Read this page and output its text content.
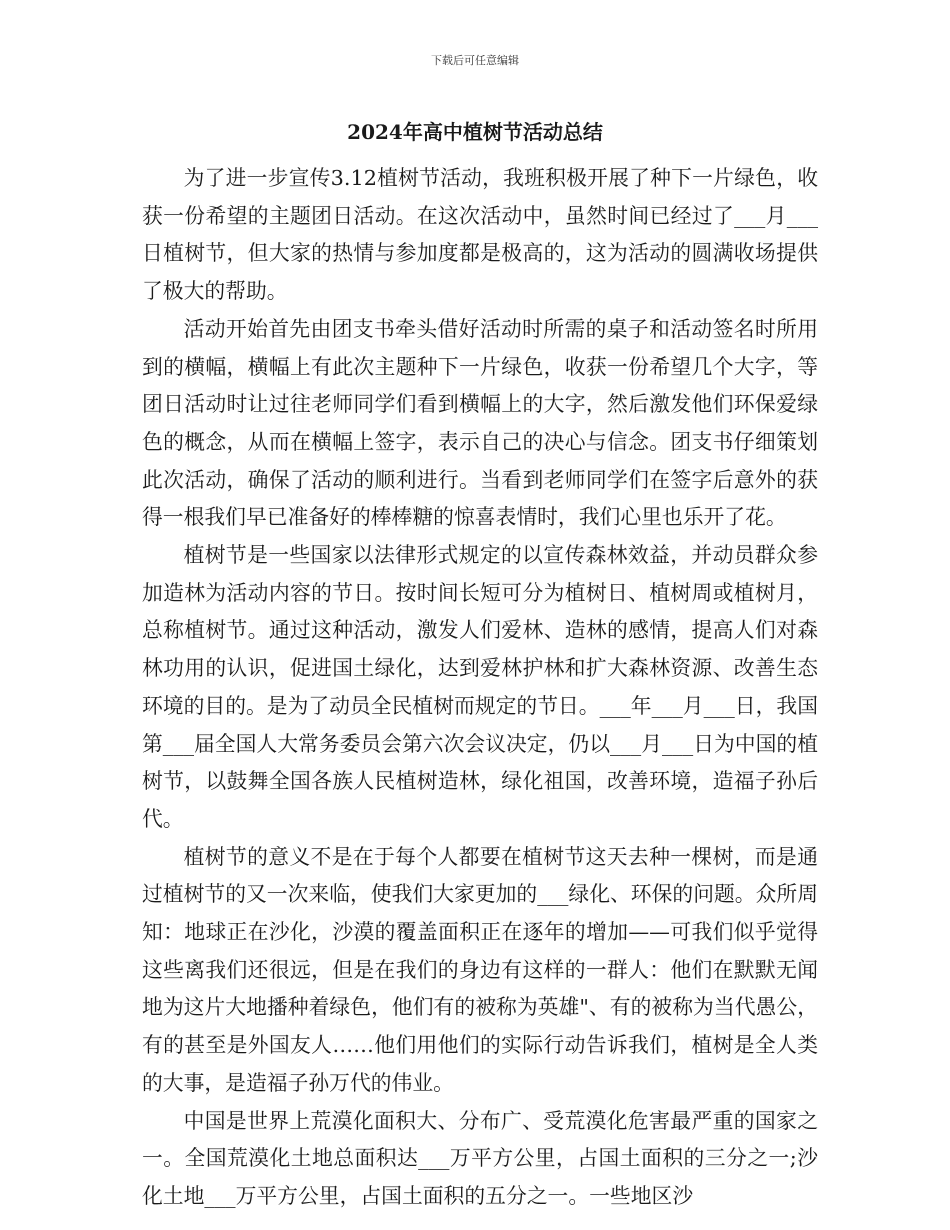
下载后可任意编辑
2024年高中植树节活动总结

为了进一步宣传3.12植树节活动，我班积极开展了种下一片绿色，收获一份希望的主题团日活动。在这次活动中，虽然时间已经过了___月___日植树节，但大家的热情与参加度都是极高的，这为活动的圆满收场提供了极大的帮助。

活动开始首先由团支书牵头借好活动时所需的桌子和活动签名时所用到的横幅，横幅上有此次主题种下一片绿色，收获一份希望几个大字，等团日活动时让过往老师同学们看到横幅上的大字，然后激发他们环保爱绿色的概念，从而在横幅上签字，表示自己的决心与信念。团支书仔细策划此次活动，确保了活动的顺利进行。当看到老师同学们在签字后意外的获得一根我们早已准备好的棒棒糖的惊喜表情时，我们心里也乐开了花。

植树节是一些国家以法律形式规定的以宣传森林效益，并动员群众参加造林为活动内容的节日。按时间长短可分为植树日、植树周或植树月，总称植树节。通过这种活动，激发人们爱林、造林的感情，提高人们对森林功用的认识，促进国土绿化，达到爱林护林和扩大森林资源、改善生态环境的目的。是为了动员全民植树而规定的节日。___年___月___日，我国第___届全国人大常务委员会第六次会议决定，仍以___月___日为中国的植树节，以鼓舞全国各族人民植树造林，绿化祖国，改善环境，造福子孙后代。

植树节的意义不是在于每个人都要在植树节这天去种一棵树，而是通过植树节的又一次来临，使我们大家更加的___绿化、环保的问题。众所周知：地球正在沙化，沙漠的覆盖面积正在逐年的增加——可我们似乎觉得这些离我们还很远，但是在我们的身边有这样的一群人：他们在默默无闻地为这片大地播种着绿色，他们有的被称为英雄"、有的被称为当代愚公，有的甚至是外国友人……他们用他们的实际行动告诉我们，植树是全人类的大事，是造福子孙万代的伟业。

中国是世界上荒漠化面积大、分布广、受荒漠化危害最严重的国家之一。全国荒漠化土地总面积达___万平方公里，占国土面积的三分之一;沙化土地___万平方公里，占国土面积的五分之一。一些地区沙
